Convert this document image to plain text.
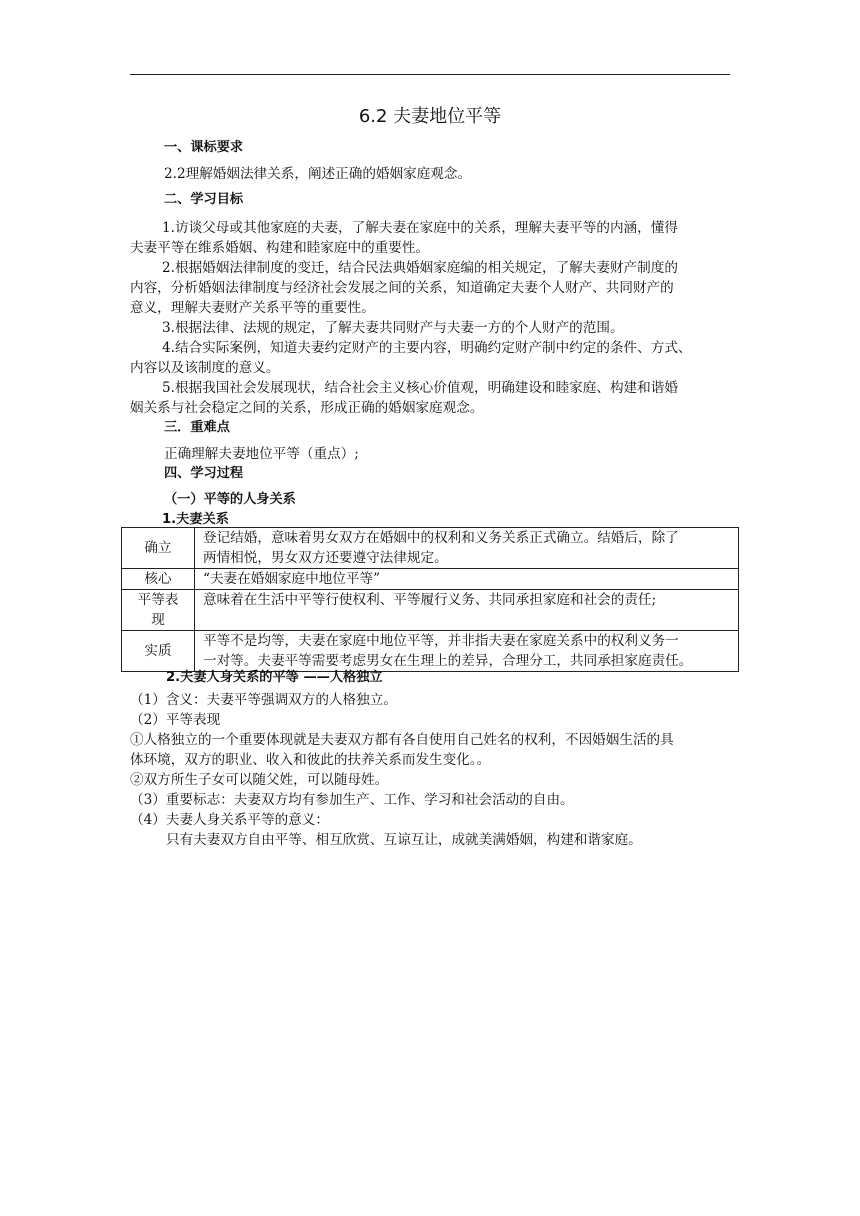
6.2 夫妻地位平等
一、课标要求
2.2理解婚姻法律关系，阐述正确的婚姻家庭观念。
二、学习目标
1.访谈父母或其他家庭的夫妻，了解夫妻在家庭中的关系，理解夫妻平等的内涵，懂得
夫妻平等在维系婚姻、构建和睦家庭中的重要性。
2.根据婚姻法律制度的变迁，结合民法典婚姻家庭编的相关规定，了解夫妻财产制度的
内容，分析婚姻法律制度与经济社会发展之间的关系，知道确定夫妻个人财产、共同财产的
意义，理解夫妻财产关系平等的重要性。
3.根据法律、法规的规定，了解夫妻共同财产与夫妻一方的个人财产的范围。
4.结合实际案例，知道夫妻约定财产的主要内容，明确约定财产制中约定的条件、方式、
内容以及该制度的意义。
5.根据我国社会发展现状，结合社会主义核心价值观，明确建设和睦家庭、构建和谐婚
姻关系与社会稳定之间的关系，形成正确的婚姻家庭观念。
三．重难点
正确理解夫妻地位平等（重点）;
四、学习过程
（一）平等的人身关系
1.夫妻关系
确立	登记结婚，意味着男女双方在婚姻中的权利和义务关系正式确立。结婚后，除了
两情相悦，男女双方还要遵守法律规定。

核心	“夫妻在婚姻家庭中地位平等”

平等表
现	意味着在生活中平等行使权利、平等履行义务、共同承担家庭和社会的责任;

实质	平等不是均等，夫妻在家庭中地位平等，并非指夫妻在家庭关系中的权利义务一
一对等。夫妻平等需要考虑男女在生理上的差异，合理分工，共同承担家庭责任。
2.夫妻人身关系的平等 ——人格独立
（1）含义：夫妻平等强调双方的人格独立。
（2）平等表现
①人格独立的一个重要体现就是夫妻双方都有各自使用自己姓名的权利，不因婚姻生活的具
体环境，双方的职业、收入和彼此的扶养关系而发生变化。。
②双方所生子女可以随父姓，可以随母姓。
（3）重要标志：夫妻双方均有参加生产、工作、学习和社会活动的自由。
（4）夫妻人身关系平等的意义：
只有夫妻双方自由平等、相互欣赏、互谅互让，成就美满婚姻，构建和谐家庭。
